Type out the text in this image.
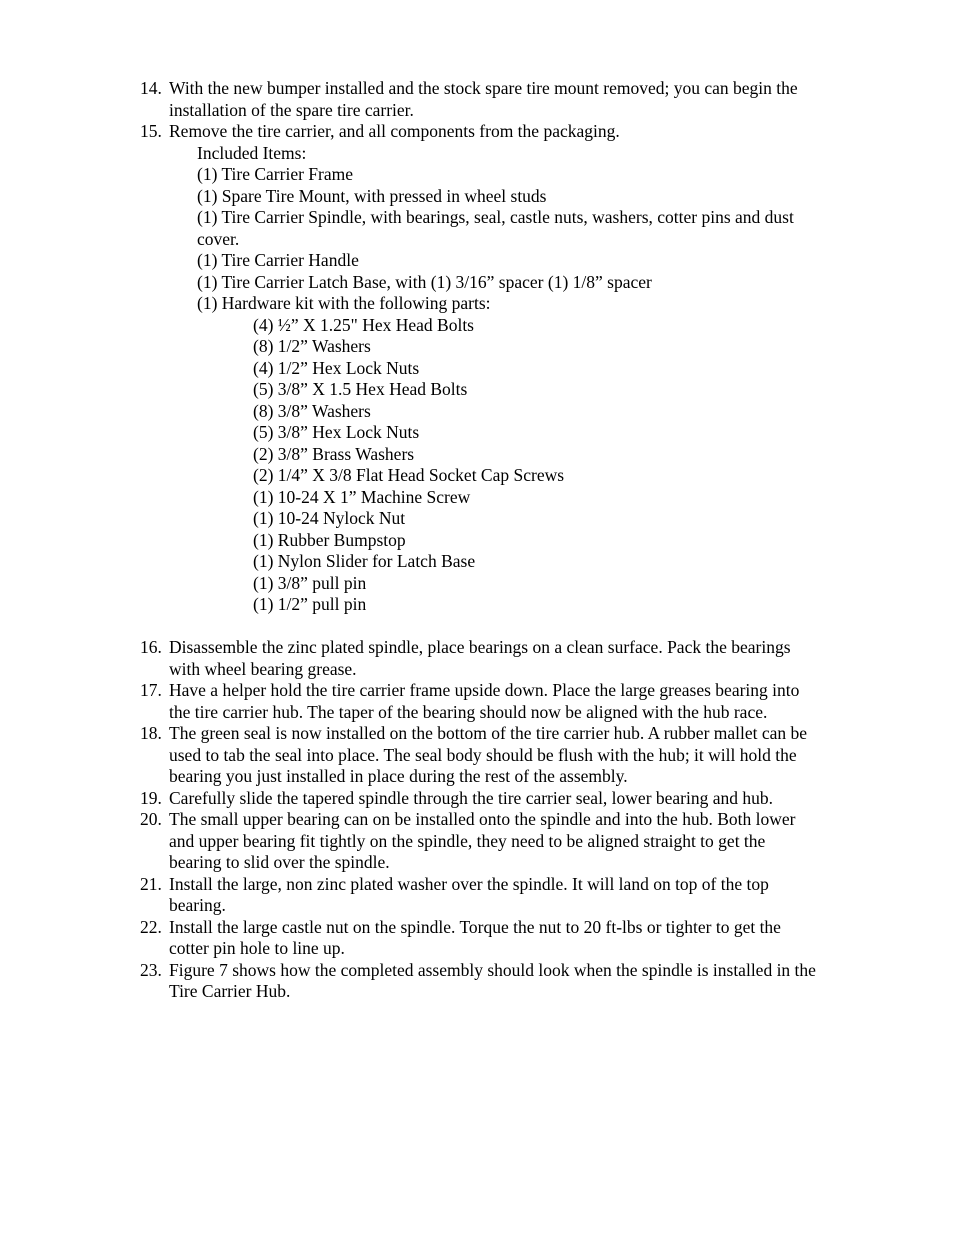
14. With the new bumper installed and the stock spare tire mount removed; you can begin the installation of the spare tire carrier.

15. Remove the tire carrier, and all components from the packaging.

Included Items:

(1) Tire Carrier Frame

(1) Spare Tire Mount, with pressed in wheel studs

(1) Tire Carrier Spindle, with bearings, seal, castle nuts, washers, cotter pins and dust cover.

(1) Tire Carrier Handle

(1) Tire Carrier Latch Base, with (1) 3/16” spacer (1) 1/8” spacer

(1) Hardware kit with the following parts:

(4) ½” X 1.25" Hex Head Bolts

(8) 1/2” Washers

(4) 1/2” Hex Lock Nuts

(5) 3/8” X 1.5 Hex Head Bolts

(8) 3/8” Washers

(5) 3/8” Hex Lock Nuts

(2) 3/8” Brass Washers

(2) 1/4” X 3/8 Flat Head Socket Cap Screws

(1) 10-24 X 1” Machine Screw

(1) 10-24 Nylock Nut

(1) Rubber Bumpstop

(1) Nylon Slider for Latch Base

(1) 3/8” pull pin

(1) 1/2” pull pin

16. Disassemble the zinc plated spindle, place bearings on a clean surface. Pack the bearings with wheel bearing grease.

17. Have a helper hold the tire carrier frame upside down. Place the large greases bearing into the tire carrier hub. The taper of the bearing should now be aligned with the hub race.

18. The green seal is now installed on the bottom of the tire carrier hub. A rubber mallet can be used to tab the seal into place. The seal body should be flush with the hub; it will hold the bearing you just installed in place during the rest of the assembly.

19. Carefully slide the tapered spindle through the tire carrier seal, lower bearing and hub.

20. The small upper bearing can on be installed onto the spindle and into the hub. Both lower and upper bearing fit tightly on the spindle, they need to be aligned straight to get the bearing to slid over the spindle.

21. Install the large, non zinc plated washer over the spindle. It will land on top of the top bearing.

22. Install the large castle nut on the spindle. Torque the nut to 20 ft-lbs or tighter to get the cotter pin hole to line up.

23. Figure 7 shows how the completed assembly should look when the spindle is installed in the Tire Carrier Hub.
